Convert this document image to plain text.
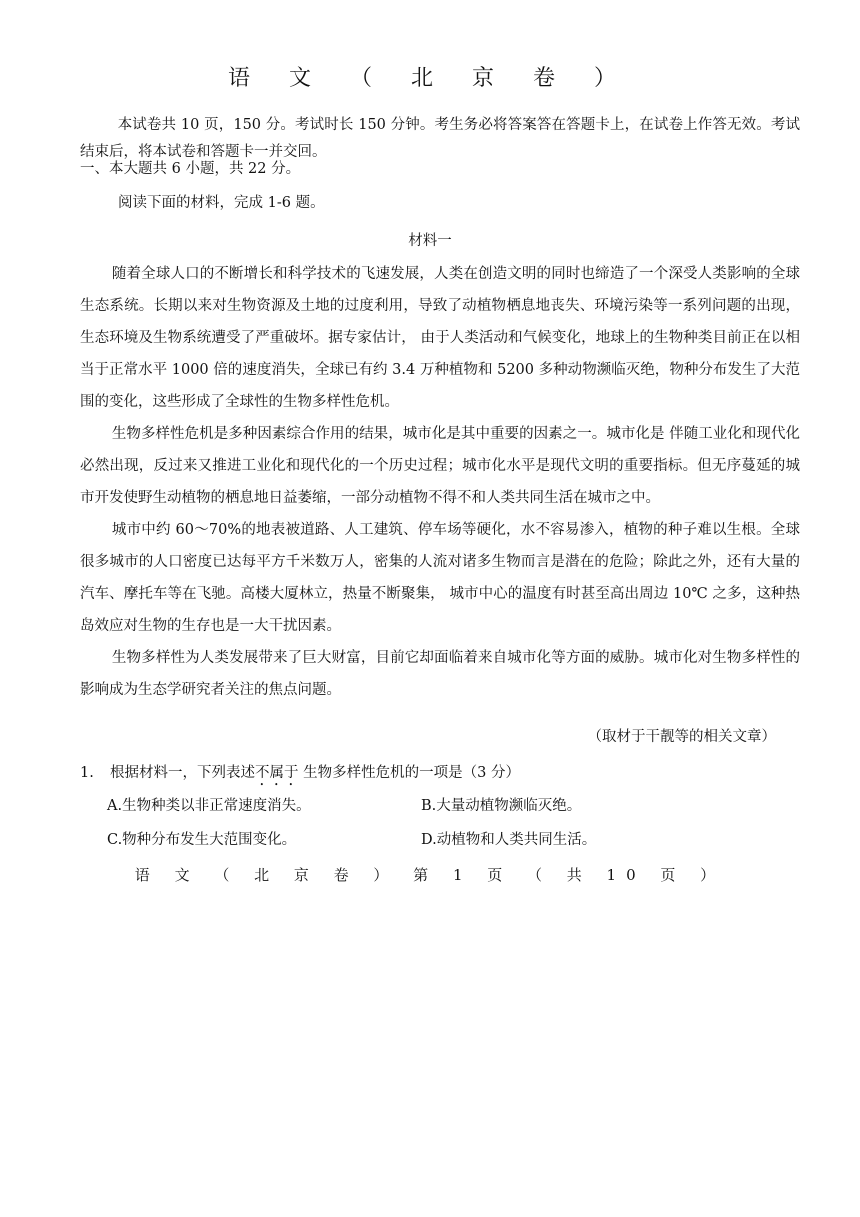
语 文 （ 北 京 卷 ）

本试卷共 10 页，150 分。考试时长 150 分钟。考生务必将答案答在答题卡上，在试卷上作答无效。考试结束后，将本试卷和答题卡一并交回。

一、本大题共 6 小题，共 22 分。

阅读下面的材料，完成 1-6 题。

材料一

随着全球人口的不断增长和科学技术的飞速发展，人类在创造文明的同时也缔造了一个深受人类影响的全球生态系统。长期以来对生物资源及土地的过度利用，导致了动植物栖息地丧失、环境污染等一系列问题的出现，生态环境及生物系统遭受了严重破坏。据专家估计， 由于人类活动和气候变化，地球上的生物种类目前正在以相当于正常水平 1000 倍的速度消失，全球已有约 3.4 万种植物和 5200 多种动物濒临灭绝，物种分布发生了大范围的变化，这些形成了全球性的生物多样性危机。

生物多样性危机是多种因素综合作用的结果，城市化是其中重要的因素之一。城市化是 伴随工业化和现代化必然出现，反过来又推进工业化和现代化的一个历史过程；城市化水平是现代文明的重要指标。但无序蔓延的城市开发使野生动植物的栖息地日益萎缩，一部分动植物不得不和人类共同生活在城市之中。

城市中约 60～70%的地表被道路、人工建筑、停车场等硬化，水不容易渗入，植物的种子难以生根。全球很多城市的人口密度已达每平方千米数万人，密集的人流对诸多生物而言是潜在的危险；除此之外，还有大量的汽车、摩托车等在飞驰。高楼大厦林立，热量不断聚集， 城市中心的温度有时甚至高出周边 10℃ 之多，这种热岛效应对生物的生存也是一大干扰因素。

生物多样性为人类发展带来了巨大财富，目前它却面临着来自城市化等方面的威胁。城市化对生物多样性的影响成为生态学研究者关注的焦点问题。

（取材于干靓等的相关文章）

1. 根据材料一，下列表述不属于 生物多样性危机的一项是（3 分）
A.生物种类以非正常速度消失。	B.大量动植物濒临灭绝。
C.物种分布发生大范围变化。	D.动植物和人类共同生活。
语 文 （ 北 京 卷 ） 第 1 页 （ 共 10 页 ）
